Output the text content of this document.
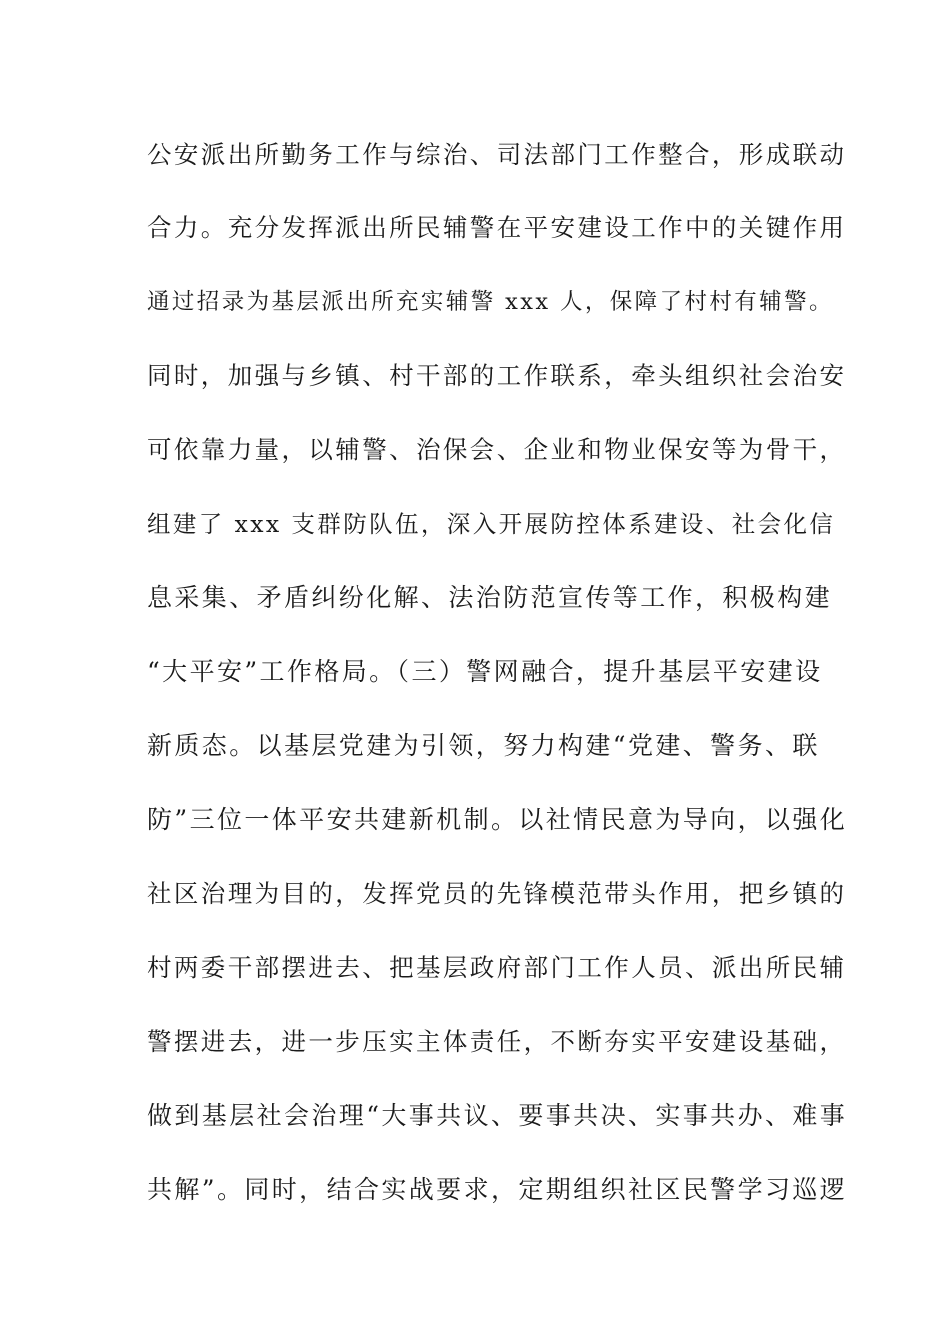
公安派出所勤务工作与综治、司法部门工作整合，形成联动
合力。充分发挥派出所民辅警在平安建设工作中的关键作用
通过招录为基层派出所充实辅警 xxx 人，保障了村村有辅警。
同时，加强与乡镇、村干部的工作联系，牵头组织社会治安
可依靠力量，以辅警、治保会、企业和物业保安等为骨干，
组建了 xxx 支群防队伍，深入开展防控体系建设、社会化信
息采集、矛盾纠纷化解、法治防范宣传等工作，积极构建
“大平安”工作格局。（三）警网融合，提升基层平安建设
新质态。以基层党建为引领，努力构建“党建、警务、联
防”三位一体平安共建新机制。以社情民意为导向，以强化
社区治理为目的，发挥党员的先锋模范带头作用，把乡镇的
村两委干部摆进去、把基层政府部门工作人员、派出所民辅
警摆进去，进一步压实主体责任，不断夯实平安建设基础，
做到基层社会治理“大事共议、要事共决、实事共办、难事
共解”。同时，结合实战要求，定期组织社区民警学习巡逻
